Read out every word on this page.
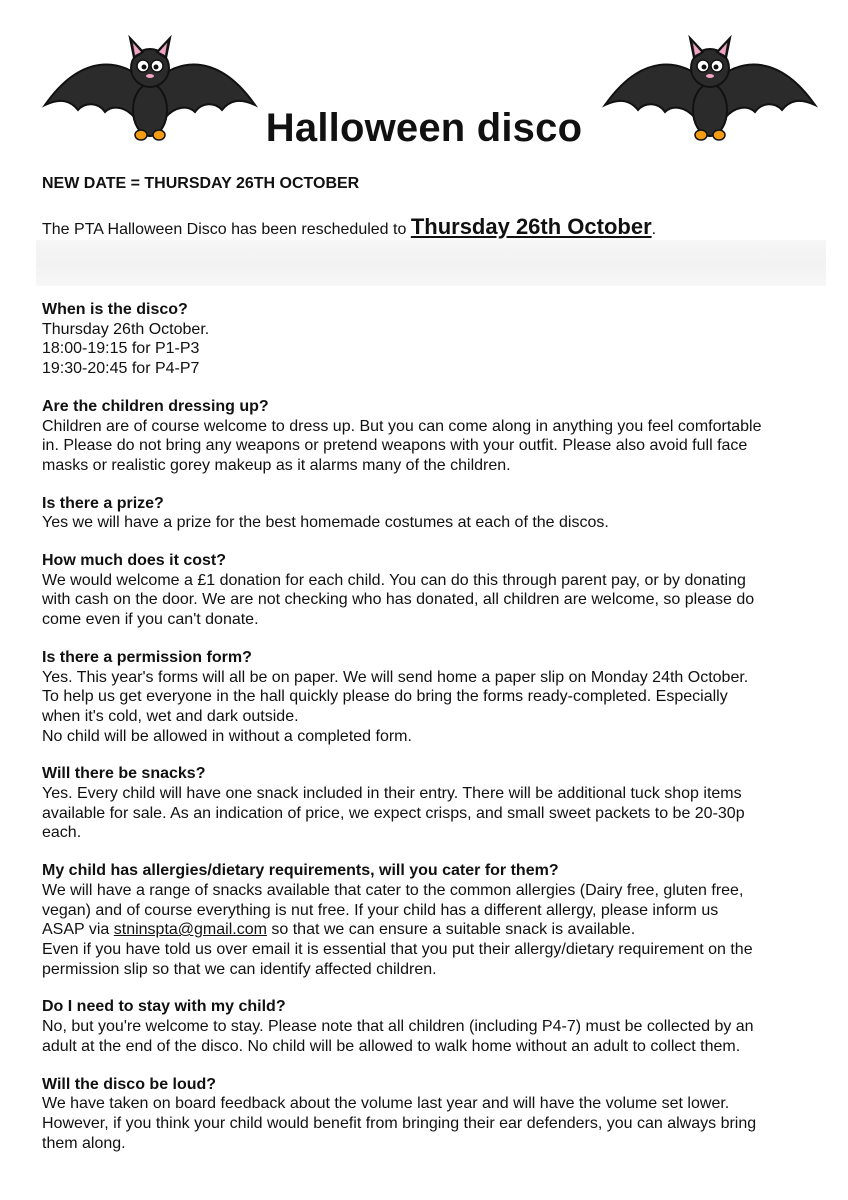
Halloween disco
NEW DATE = THURSDAY 26TH OCTOBER
The PTA Halloween Disco has been rescheduled to Thursday 26th October.
When is the disco?
Thursday 26th October.
18:00-19:15 for P1-P3
19:30-20:45 for P4-P7
Are the children dressing up?
Children are of course welcome to dress up. But you can come along in anything you feel comfortable
in. Please do not bring any weapons or pretend weapons with your outfit. Please also avoid full face
masks or realistic gorey makeup as it alarms many of the children.
Is there a prize?
Yes we will have a prize for the best homemade costumes at each of the discos.
How much does it cost?
We would welcome a £1 donation for each child. You can do this through parent pay, or by donating
with cash on the door. We are not checking who has donated, all children are welcome, so please do
come even if you can't donate.
Is there a permission form?
Yes. This year's forms will all be on paper. We will send home a paper slip on Monday 24th October.
To help us get everyone in the hall quickly please do bring the forms ready-completed. Especially
when it's cold, wet and dark outside.
No child will be allowed in without a completed form.
Will there be snacks?
Yes. Every child will have one snack included in their entry. There will be additional tuck shop items
available for sale. As an indication of price, we expect crisps, and small sweet packets to be 20-30p
each.
My child has allergies/dietary requirements, will you cater for them?
We will have a range of snacks available that cater to the common allergies (Dairy free, gluten free,
vegan) and of course everything is nut free. If your child has a different allergy, please inform us
ASAP via stninspta@gmail.com so that we can ensure a suitable snack is available.
Even if you have told us over email it is essential that you put their allergy/dietary requirement on the
permission slip so that we can identify affected children.
Do I need to stay with my child?
No, but you're welcome to stay. Please note that all children (including P4-7) must be collected by an
adult at the end of the disco. No child will be allowed to walk home without an adult to collect them.
Will the disco be loud?
We have taken on board feedback about the volume last year and will have the volume set lower.
However, if you think your child would benefit from bringing their ear defenders, you can always bring
them along.
